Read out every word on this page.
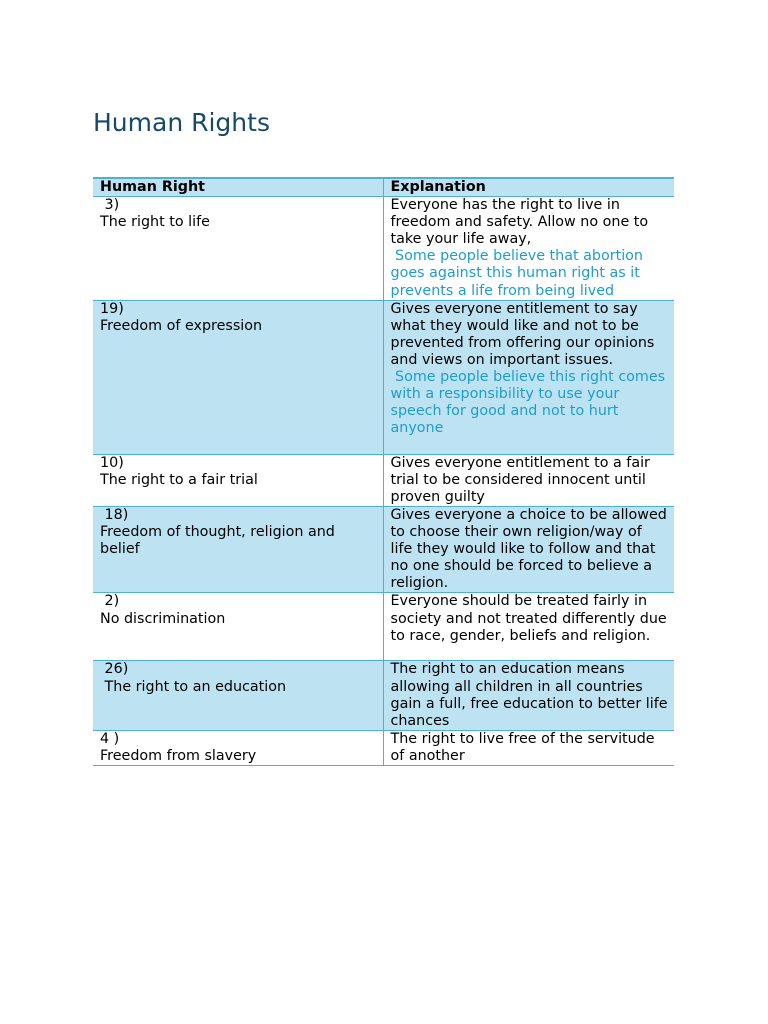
Human Rights
Human Right	Explanation

3)
The right to life	Everyone has the right to live in freedom and safety. Allow no one to take your life away,
Some people believe that abortion goes against this human right as it prevents a life from being lived

19)
Freedom of expression	Gives everyone entitlement to say what they would like and not to be prevented from offering our opinions and views on important issues.
Some people believe this right comes with a responsibility to use your speech for good and not to hurt anyone

10)
The right to a fair trial	Gives everyone entitlement to a fair trial to be considered innocent until proven guilty

18)
Freedom of thought, religion and belief	Gives everyone a choice to be allowed to choose their own religion/way of life they would like to follow and that no one should be forced to believe a religion.

2)
No discrimination	Everyone should be treated fairly in society and not treated differently due to race, gender, beliefs and religion.

26)
The right to an education	The right to an education means allowing all children in all countries gain a full, free education to better life chances

4 )
Freedom from slavery	The right to live free of the servitude of another
